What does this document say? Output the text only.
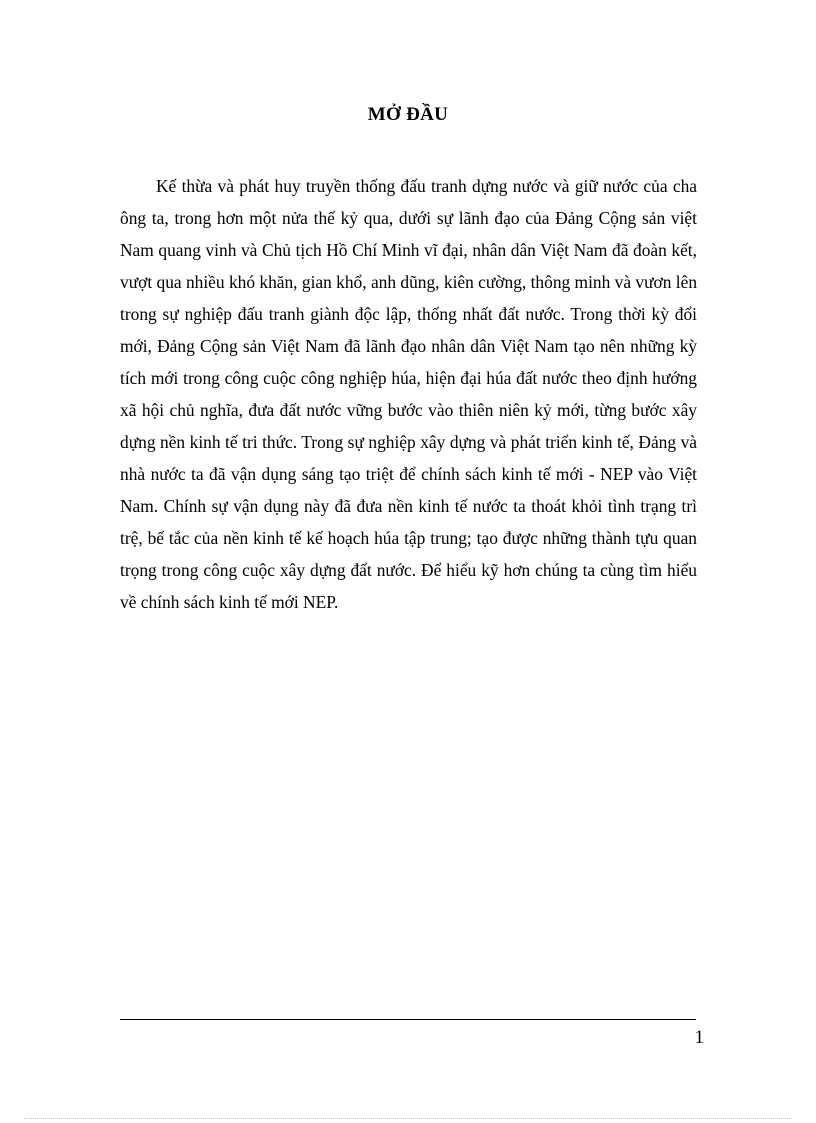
MỞ ĐẦU

Kế thừa và phát huy truyền thống đấu tranh dựng nước và giữ nước của cha ông ta, trong hơn một nửa thế kỷ qua, dưới sự lãnh đạo của Đảng Cộng sản việt Nam quang vinh và Chủ tịch Hồ Chí Minh vĩ đại, nhân dân Việt Nam đã đoàn kết, vượt qua nhiều khó khăn, gian khổ, anh dũng, kiên cường, thông minh và vươn lên trong sự nghiệp đấu tranh giành độc lập, thống nhất đất nước. Trong thời kỳ đổi mới, Đảng Cộng sản Việt Nam đã lãnh đạo nhân dân Việt Nam tạo nên những kỳ tích mới trong công cuộc công nghiệp húa, hiện đại húa đất nước theo định hướng xã hội chủ nghĩa, đưa đất nước vững bước vào thiên niên kỷ mới, từng bước xây dựng nền kinh tế tri thức. Trong sự nghiệp xây dựng và phát triển kinh tế, Đảng và nhà nước ta đã vận dụng sáng tạo triệt để chính sách kinh tế mới - NEP vào Việt Nam. Chính sự vận dụng này đã đưa nền kinh tế nước ta thoát khỏi tình trạng trì trệ, bế tắc của nền kinh tế kế hoạch húa tập trung; tạo được những thành tựu quan trọng trong công cuộc xây dựng đất nước. Để hiểu kỹ hơn chúng ta cùng tìm hiểu về chính sách kinh tế mới NEP.

1
